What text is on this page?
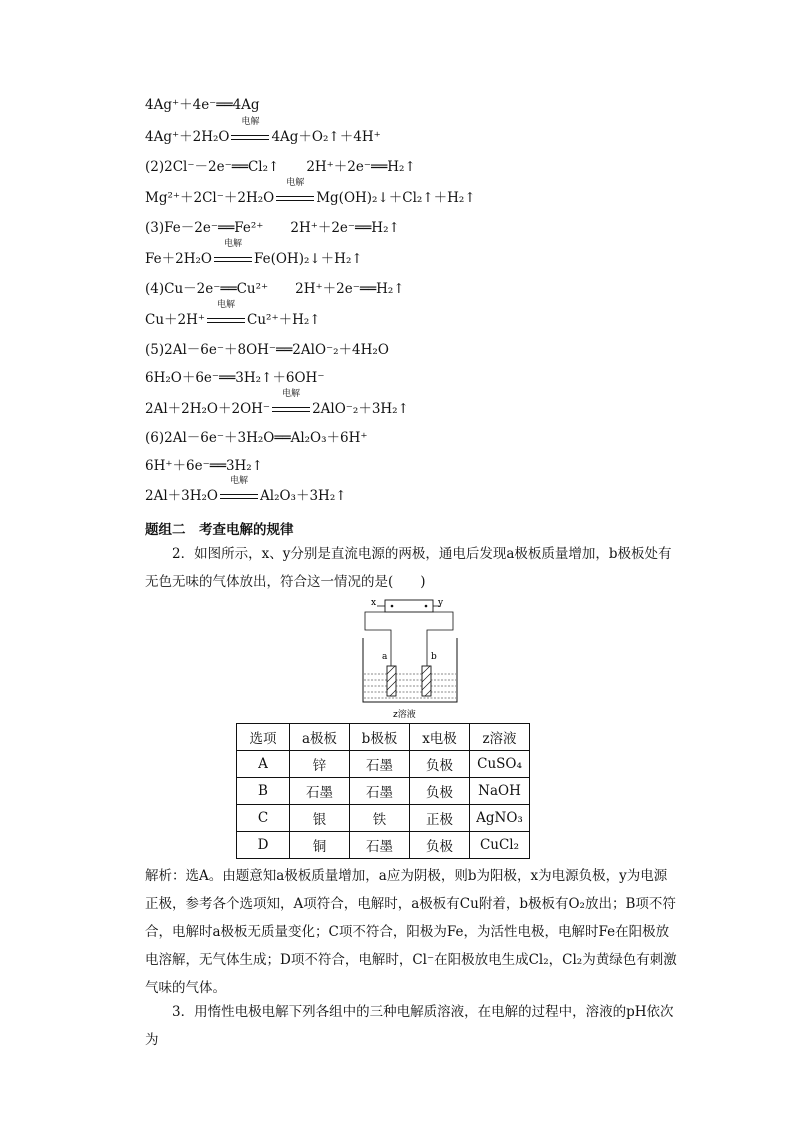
4Ag⁺＋4e⁻══4Ag
4Ag⁺＋2H₂O
电解
4Ag＋O₂↑＋4H⁺
(2)2Cl⁻－2e⁻══Cl₂↑　　2H⁺＋2e⁻══H₂↑
Mg²⁺＋2Cl⁻＋2H₂O
电解
Mg(OH)₂↓＋Cl₂↑＋H₂↑
(3)Fe－2e⁻══Fe²⁺　　2H⁺＋2e⁻══H₂↑
Fe＋2H₂O
电解
Fe(OH)₂↓＋H₂↑
(4)Cu－2e⁻══Cu²⁺　　2H⁺＋2e⁻══H₂↑
Cu＋2H⁺
电解
Cu²⁺＋H₂↑
(5)2Al－6e⁻＋8OH⁻══2AlO⁻₂＋4H₂O
6H₂O＋6e⁻══3H₂↑＋6OH⁻
2Al＋2H₂O＋2OH⁻
电解
2AlO⁻₂＋3H₂↑
(6)2Al－6e⁻＋3H₂O══Al₂O₃＋6H⁺
6H⁺＋6e⁻══3H₂↑
2Al＋3H₂O
电解
Al₂O₃＋3H₂↑
题组二　考查电解的规律

2．如图所示，x、y分别是直流电源的两极，通电后发现a极板质量增加，b极板处有无色无味的气体放出，符合这一情况的是(　　)

x	y
a	b
z溶液
选项	a极板	b极板	x电极	z溶液
A	锌	石墨	负极	CuSO₄
B	石墨	石墨	负极	NaOH
C	银	铁	正极	AgNO₃
D	铜	石墨	负极	CuCl₂

解析：选A。由题意知a极板质量增加，a应为阴极，则b为阳极，x为电源负极，y为电源正极，参考各个选项知，A项符合，电解时，a极板有Cu附着，b极板有O₂放出；B项不符合，电解时a极板无质量变化；C项不符合，阳极为Fe，为活性电极，电解时Fe在阳极放电溶解，无气体生成；D项不符合，电解时，Cl⁻在阳极放电生成Cl₂，Cl₂为黄绿色有刺激气味的气体。

3．用惰性电极电解下列各组中的三种电解质溶液，在电解的过程中，溶液的pH依次为
